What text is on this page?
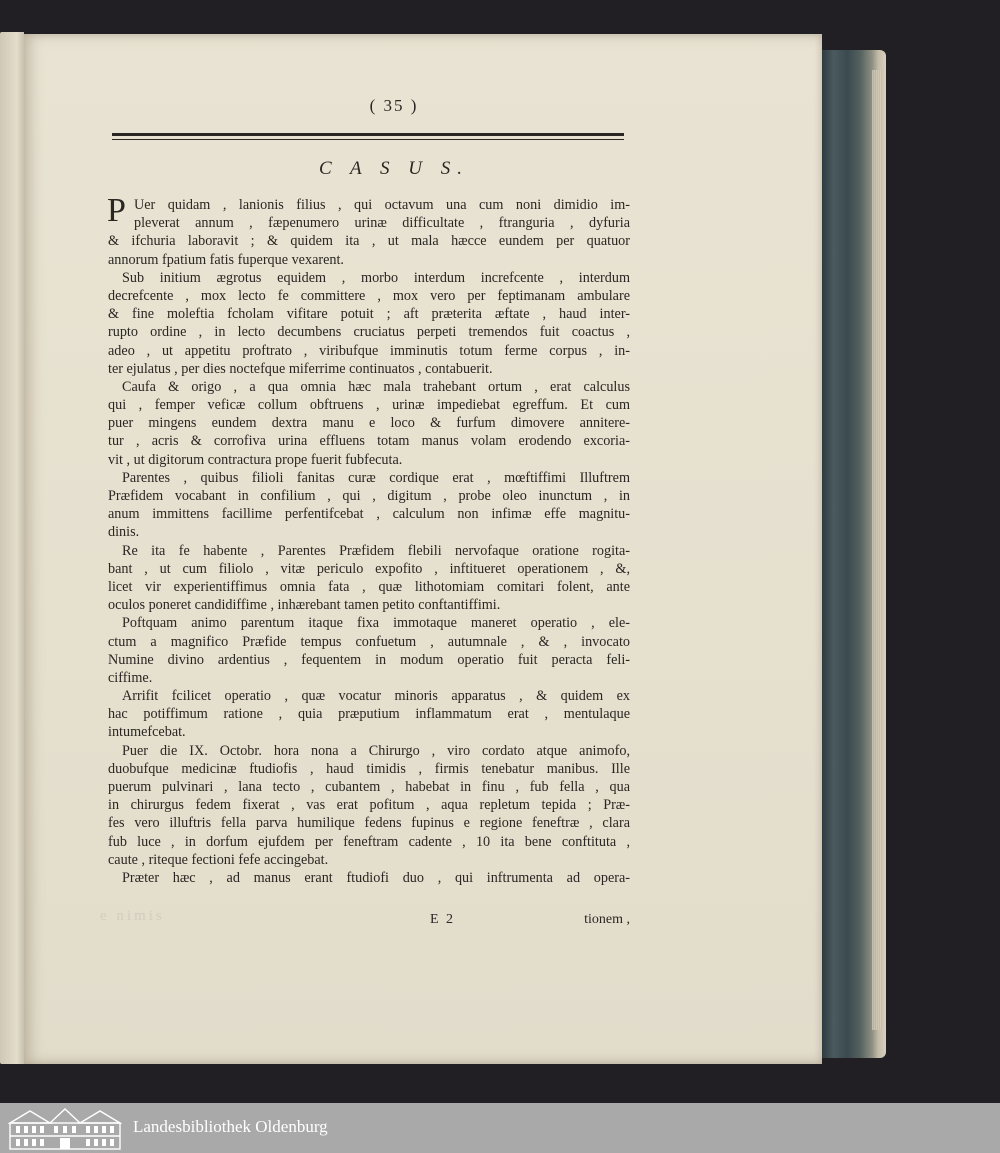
( 35 )
C A S U S.
P Uer quidam , lanionis filius , qui octavum una cum noni dimidio im-
pleverat annum , fæpenumero urinæ difficultate , ftranguria , dyfuria
& ifchuria laboravit ; & quidem ita , ut mala hæcce eundem per quatuor
annorum fpatium fatis fuperque vexarent.
Sub initium ægrotus equidem , morbo interdum increfcente , interdum
decrefcente , mox lecto fe committere , mox vero per feptimanam ambulare
& fine moleftia fcholam vifitare potuit ; aft præterita æftate , haud inter-
rupto ordine , in lecto decumbens cruciatus perpeti tremendos fuit coactus ,
adeo , ut appetitu proftrato , viribufque imminutis totum ferme corpus , in-
ter ejulatus , per dies noctefque miferrime continuatos , contabuerit.
Caufa & origo , a qua omnia hæc mala trahebant ortum , erat calculus
qui , femper veficæ collum obftruens , urinæ impediebat egreffum. Et cum
puer mingens eundem dextra manu e loco & furfum dimovere annitere-
tur , acris & corrofiva urina effluens totam manus volam erodendo excoria-
vit , ut digitorum contractura prope fuerit fubfecuta.
Parentes , quibus filioli fanitas curæ cordique erat , mœftiffimi Illuftrem
Præfidem vocabant in confilium , qui , digitum , probe oleo inunctum , in
anum immittens facillime perfentifcebat , calculum non infimæ effe magnitu-
dinis.
Re ita fe habente , Parentes Præfidem flebili nervofaque oratione rogita-
bant , ut cum filiolo , vitæ periculo expofito , inftitueret operationem , &,
licet vir experientiffimus omnia fata , quæ lithotomiam comitari folent, ante
oculos poneret candidiffime , inhærebant tamen petito conftantiffimi.
Poftquam animo parentum itaque fixa immotaque maneret operatio , ele-
ctum a magnifico Præfide tempus confuetum , autumnale , & , invocato
Numine divino ardentius , fequentem in modum operatio fuit peracta feli-
ciffime.
Arrifit fcilicet operatio , quæ vocatur minoris apparatus , & quidem ex
hac potiffimum ratione , quia præputium inflammatum erat , mentulaque
intumefcebat.
Puer die IX. Octobr. hora nona a Chirurgo , viro cordato atque animofo,
duobufque medicinæ ftudiofis , haud timidis , firmis tenebatur manibus. Ille
puerum pulvinari , lana tecto , cubantem , habebat in finu , fub fella , qua
in chirurgus fedem fixerat , vas erat pofitum , aqua repletum tepida ; Præ-
fes vero illuftris fella parva humilique fedens fupinus e regione feneftræ , clara
fub luce , in dorfum ejufdem per feneftram cadente , 10 ita bene conftituta ,
caute , riteque fectioni fefe accingebat.
Præter hæc , ad manus erant ftudiofi duo , qui inftrumenta ad opera-
E 2	tionem ,
e nimis
Landesbibliothek Oldenburg
